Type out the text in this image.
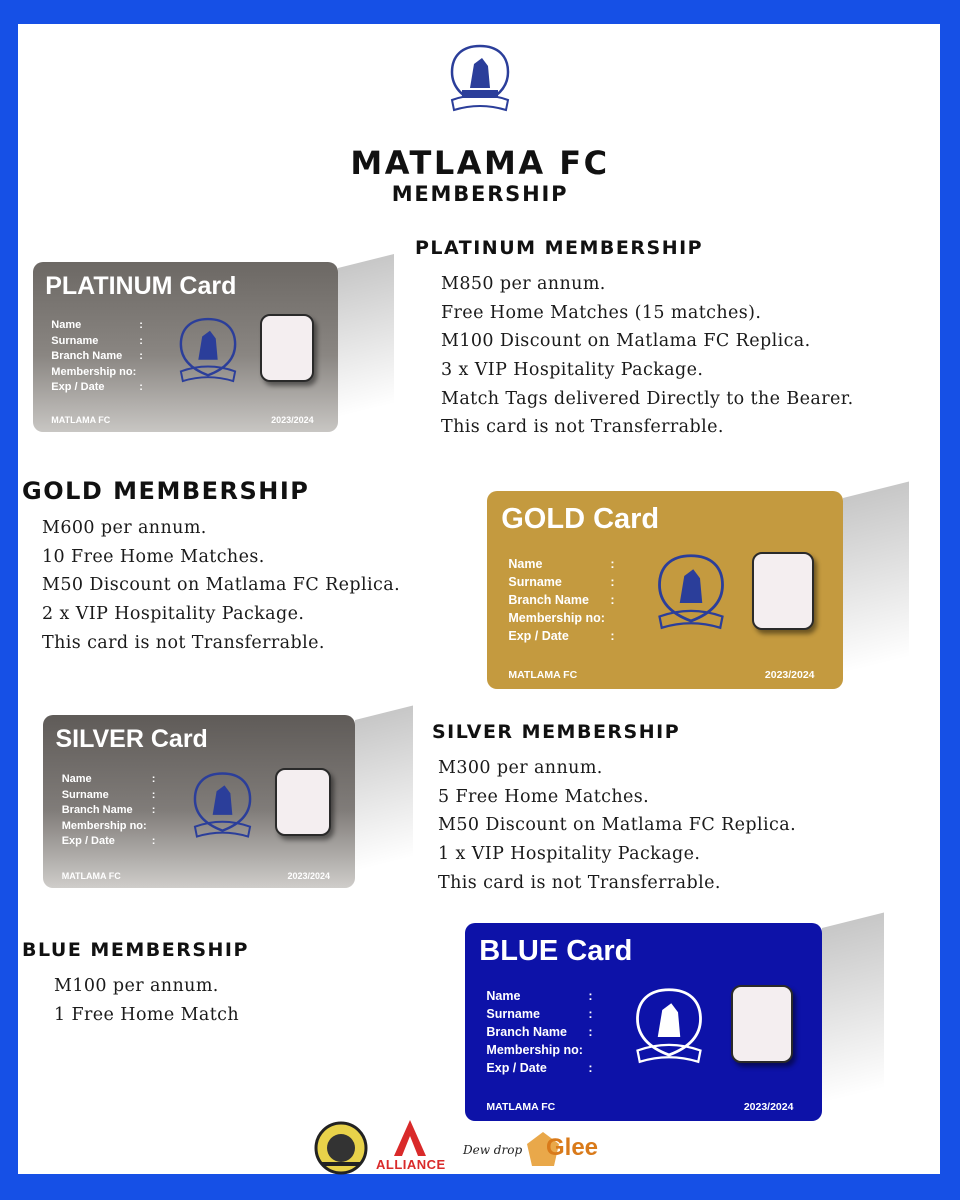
MATLAMA FC
MEMBERSHIP
PLATINUM MEMBERSHIP
M850 per annum.
Free Home Matches (15 matches).
M100 Discount on Matlama FC Replica.
3 x VIP Hospitality Package.
Match Tags delivered Directly to the Bearer.
This card is not Transferrable.
PLATINUM Card
Name	:
Surname	:
Branch Name	:
Membership no:
Exp / Date	:
MATLAMA FC	2023/2024
GOLD MEMBERSHIP
M600 per annum.
10 Free Home Matches.
M50 Discount on Matlama FC Replica.
2 x VIP Hospitality Package.
This card is not Transferrable.
GOLD Card
Name	:
Surname	:
Branch Name	:
Membership no:
Exp / Date	:
MATLAMA FC	2023/2024
SILVER MEMBERSHIP
M300 per annum.
5 Free Home Matches.
M50 Discount on Matlama FC Replica.
1 x VIP Hospitality Package.
This card is not Transferrable.
SILVER Card
Name	:
Surname	:
Branch Name	:
Membership no:
Exp / Date	:
MATLAMA FC	2023/2024
BLUE MEMBERSHIP
M100 per annum.
1 Free Home Match
BLUE Card
Name	:
Surname	:
Branch Name	:
Membership no:
Exp / Date	:
MATLAMA FC	2023/2024
ALLIANCE
Dew drop Glee
